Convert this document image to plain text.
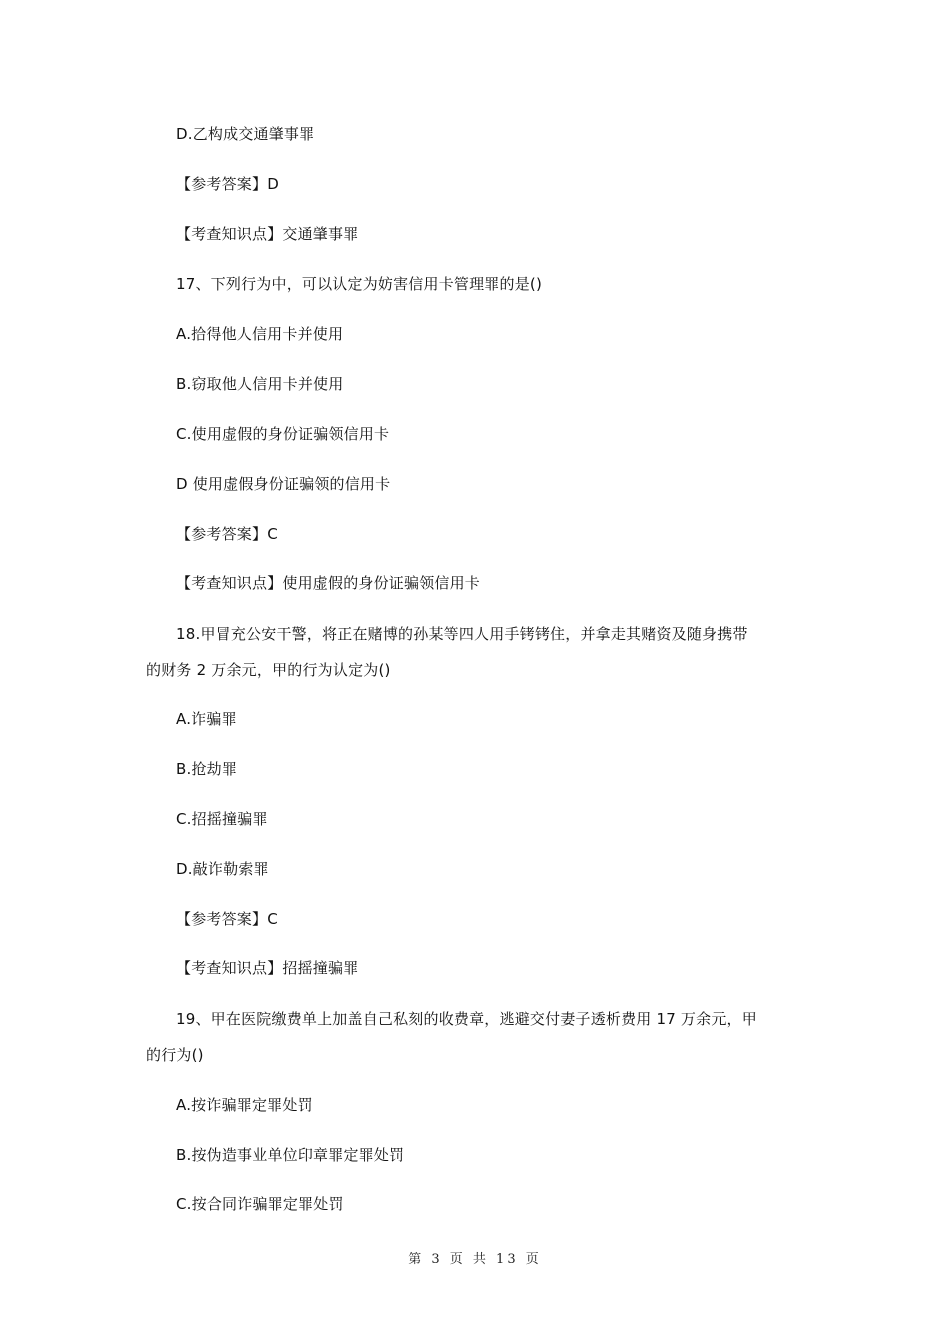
D.乙构成交通肇事罪
【参考答案】D
【考查知识点】交通肇事罪
17、下列行为中，可以认定为妨害信用卡管理罪的是()
A.拾得他人信用卡并使用
B.窃取他人信用卡并使用
C.使用虚假的身份证骗领信用卡
D 使用虚假身份证骗领的信用卡
【参考答案】C
【考查知识点】使用虚假的身份证骗领信用卡
18.甲冒充公安干警，将正在赌博的孙某等四人用手铐铐住，并拿走其赌资及随身携带
的财务 2 万余元，甲的行为认定为()
A.诈骗罪
B.抢劫罪
C.招摇撞骗罪
D.敲诈勒索罪
【参考答案】C
【考查知识点】招摇撞骗罪
19、甲在医院缴费单上加盖自己私刻的收费章，逃避交付妻子透析费用 17 万余元，甲
的行为()
A.按诈骗罪定罪处罚
B.按伪造事业单位印章罪定罪处罚
C.按合同诈骗罪定罪处罚
第 3 页 共 13 页
